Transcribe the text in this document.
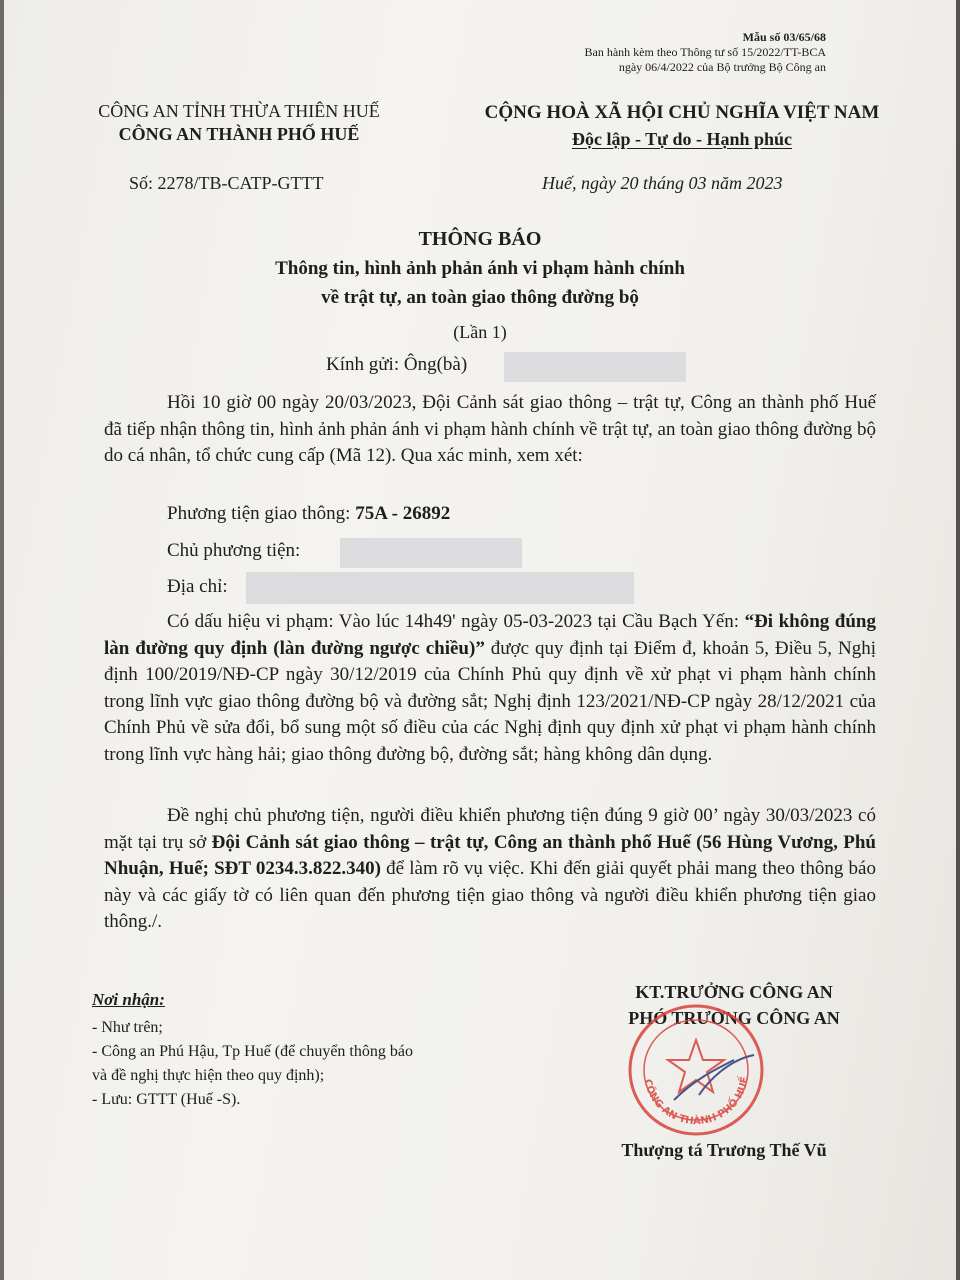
Mẫu số 03/65/68
Ban hành kèm theo Thông tư số 15/2022/TT-BCA
ngày 06/4/2022 của Bộ trưởng Bộ Công an
CÔNG AN TỈNH THỪA THIÊN HUẾ
CÔNG AN THÀNH PHỐ HUẾ
CỘNG HOÀ XÃ HỘI CHỦ NGHĨA VIỆT NAM
Độc lập - Tự do - Hạnh phúc
Số: 2278/TB-CATP-GTTT	Huế, ngày 20 tháng 03 năm 2023
THÔNG BÁO
Thông tin, hình ảnh phản ánh vi phạm hành chính
về trật tự, an toàn giao thông đường bộ
(Lần 1)
Kính gửi: Ông(bà)
Hồi 10 giờ 00 ngày 20/03/2023, Đội Cảnh sát giao thông – trật tự, Công an thành phố Huế đã tiếp nhận thông tin, hình ảnh phản ánh vi phạm hành chính về trật tự, an toàn giao thông đường bộ do cá nhân, tổ chức cung cấp (Mã 12). Qua xác minh, xem xét:
Phương tiện giao thông: 75A - 26892
Chủ phương tiện:
Địa chỉ:
Có dấu hiệu vi phạm: Vào lúc 14h49' ngày 05-03-2023 tại Cầu Bạch Yến: “Đi không đúng làn đường quy định (làn đường ngược chiều)” được quy định tại Điểm đ, khoản 5, Điều 5, Nghị định 100/2019/NĐ-CP ngày 30/12/2019 của Chính Phủ quy định về xử phạt vi phạm hành chính trong lĩnh vực giao thông đường bộ và đường sắt; Nghị định 123/2021/NĐ-CP ngày 28/12/2021 của Chính Phủ về sửa đổi, bổ sung một số điều của các Nghị định quy định xử phạt vi phạm hành chính trong lĩnh vực hàng hải; giao thông đường bộ, đường sắt; hàng không dân dụng.
Đề nghị chủ phương tiện, người điều khiển phương tiện đúng 9 giờ 00’ ngày 30/03/2023 có mặt tại trụ sở Đội Cảnh sát giao thông – trật tự, Công an thành phố Huế (56 Hùng Vương, Phú Nhuận, Huế; SĐT 0234.3.822.340) để làm rõ vụ việc. Khi đến giải quyết phải mang theo thông báo này và các giấy tờ có liên quan đến phương tiện giao thông và người điều khiển phương tiện giao thông./.
Nơi nhận:
- Như trên;
- Công an Phú Hậu, Tp Huế (để chuyển thông báo
và đề nghị thực hiện theo quy định);
- Lưu: GTTT (Huế -S).
KT.TRƯỞNG CÔNG AN
PHÓ TRƯỞNG CÔNG AN
CÔNG AN THÀNH PHỐ HUẾ
Thượng tá Trương Thế Vũ
